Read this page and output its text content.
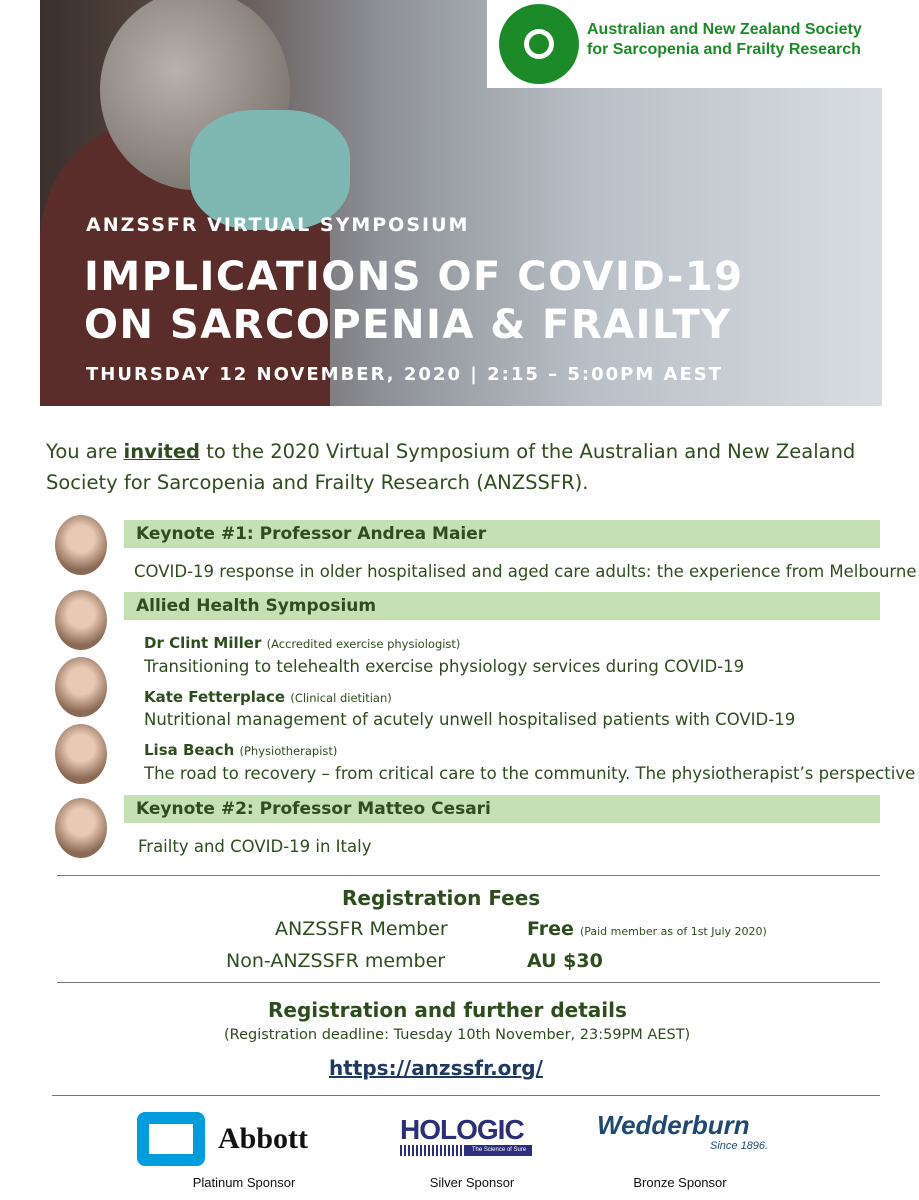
ANZSSFR VIRTUAL SYMPOSIUM
IMPLICATIONS OF COVID-19
ON SARCOPENIA & FRAILTY
THURSDAY 12 NOVEMBER, 2020 | 2:15 – 5:00PM AEST
Australian and New Zealand Society
for Sarcopenia and Frailty Research
You are invited to the 2020 Virtual Symposium of the Australian and New Zealand Society for Sarcopenia and Frailty Research (ANZSSFR).
Keynote #1: Professor Andrea Maier
COVID-19 response in older hospitalised and aged care adults: the experience from Melbourne
Allied Health Symposium
Dr Clint Miller (Accredited exercise physiologist)
Transitioning to telehealth exercise physiology services during COVID-19
Kate Fetterplace (Clinical dietitian)
Nutritional management of acutely unwell hospitalised patients with COVID-19
Lisa Beach (Physiotherapist)
The road to recovery – from critical care to the community. The physiotherapist’s perspective
Keynote #2: Professor Matteo Cesari
Frailty and COVID-19 in Italy
Registration Fees
ANZSSFR Member	Free (Paid member as of 1st July 2020)
Non-ANZSSFR member	AU $30
Registration and further details
(Registration deadline: Tuesday 10th November, 23:59PM AEST)
https://anzssfr.org/
Abbott
Platinum Sponsor
HOLOGIC
The Science of Sure
Silver Sponsor
Wedderburn
Since 1896.
Bronze Sponsor
